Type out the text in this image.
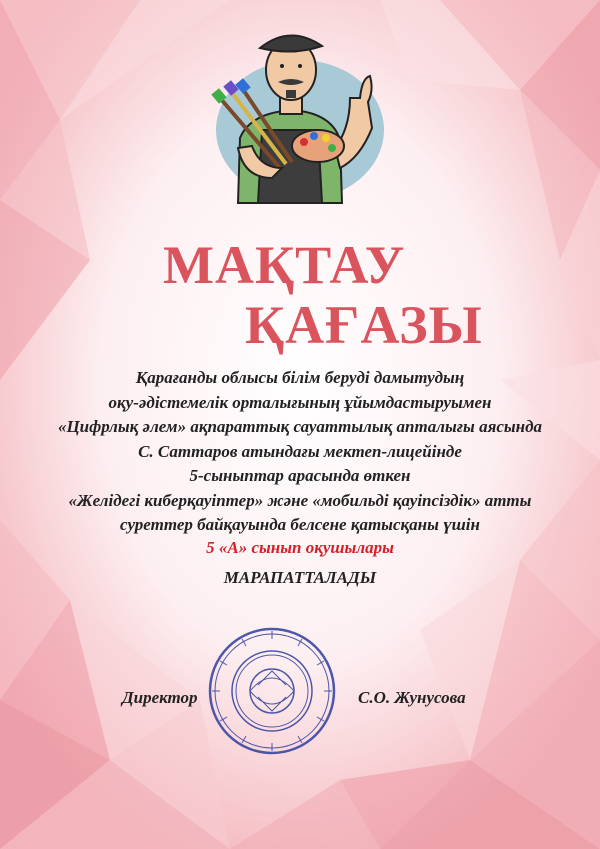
МАҚТАУ
ҚАҒАЗЫ
Қарағанды облысы білім беруді дамытудың
оқу-әдістемелік орталығының ұйымдастыруымен
«Цифрлық әлем» ақпараттық сауаттылық апталығы аясында
С. Саттаров атындағы мектеп-лицейінде
5-сыныптар арасында өткен
«Желідегі киберқауіптер» және «мобильді қауіпсіздік» атты
суреттер байқауында белсене қатысқаны үшін
5 «А» сынып оқушылары
МАРАПАТТАЛАДЫ
Директор	С.О. Жунусова
